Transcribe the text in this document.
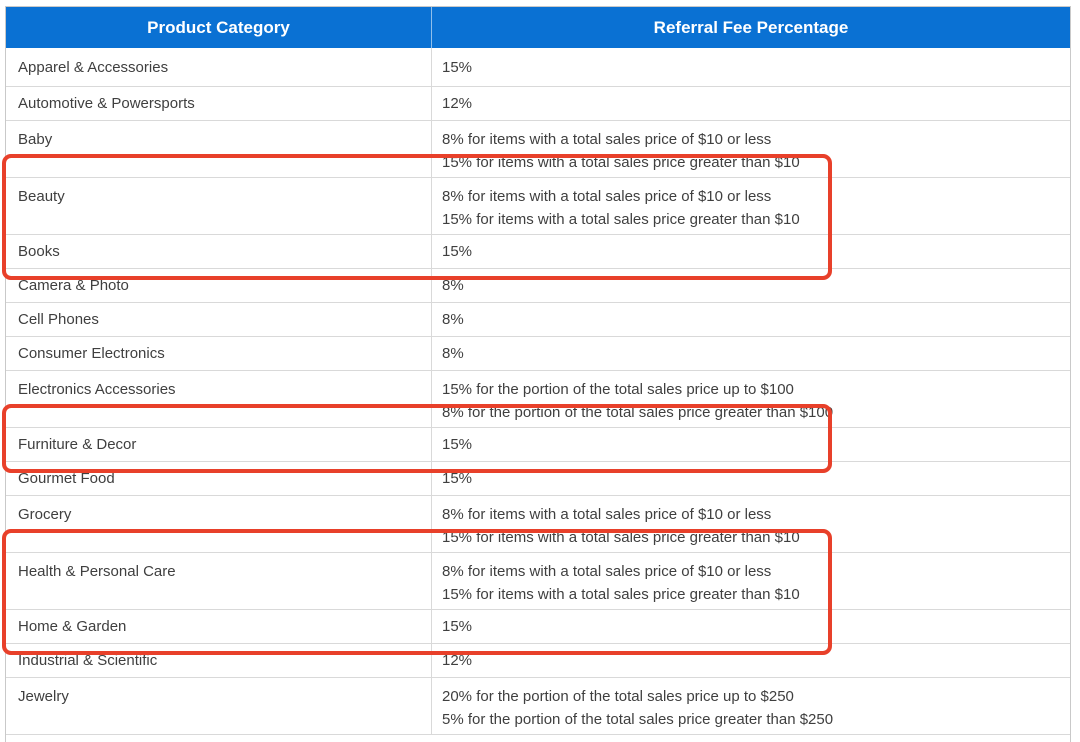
Product Category	Referral Fee Percentage
Apparel & Accessories	15%
Automotive & Powersports	12%
Baby	8% for items with a total sales price of $10 or less
15% for items with a total sales price greater than $10
Beauty	8% for items with a total sales price of $10 or less
15% for items with a total sales price greater than $10
Books	15%
Camera & Photo	8%
Cell Phones	8%
Consumer Electronics	8%
Electronics Accessories	15% for the portion of the total sales price up to $100
8% for the portion of the total sales price greater than $100
Furniture & Decor	15%
Gourmet Food	15%
Grocery	8% for items with a total sales price of $10 or less
15% for items with a total sales price greater than $10
Health & Personal Care	8% for items with a total sales price of $10 or less
15% for items with a total sales price greater than $10
Home & Garden	15%
Industrial & Scientific	12%
Jewelry	20% for the portion of the total sales price up to $250
5% for the portion of the total sales price greater than $250
